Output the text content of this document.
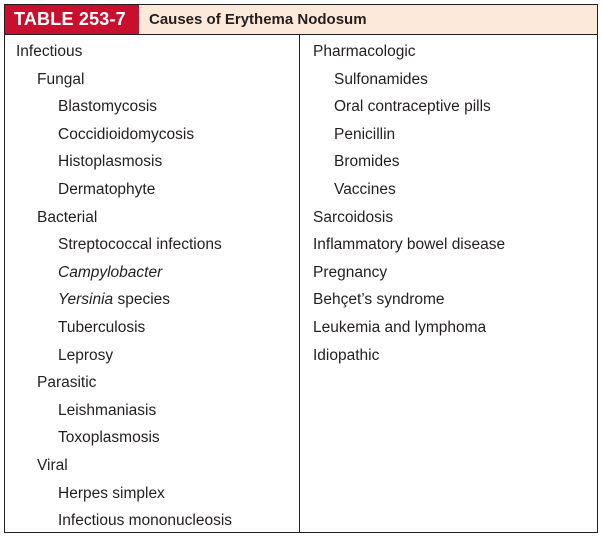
TABLE 253-7	Causes of Erythema Nodosum
Infectious
Fungal
Blastomycosis
Coccidioidomycosis
Histoplasmosis
Dermatophyte
Bacterial
Streptococcal infections
Campylobacter
Yersinia species
Tuberculosis
Leprosy
Parasitic
Leishmaniasis
Toxoplasmosis
Viral
Herpes simplex
Infectious mononucleosis
Pharmacologic
Sulfonamides
Oral contraceptive pills
Penicillin
Bromides
Vaccines
Sarcoidosis
Inflammatory bowel disease
Pregnancy
Behçet’s syndrome
Leukemia and lymphoma
Idiopathic
